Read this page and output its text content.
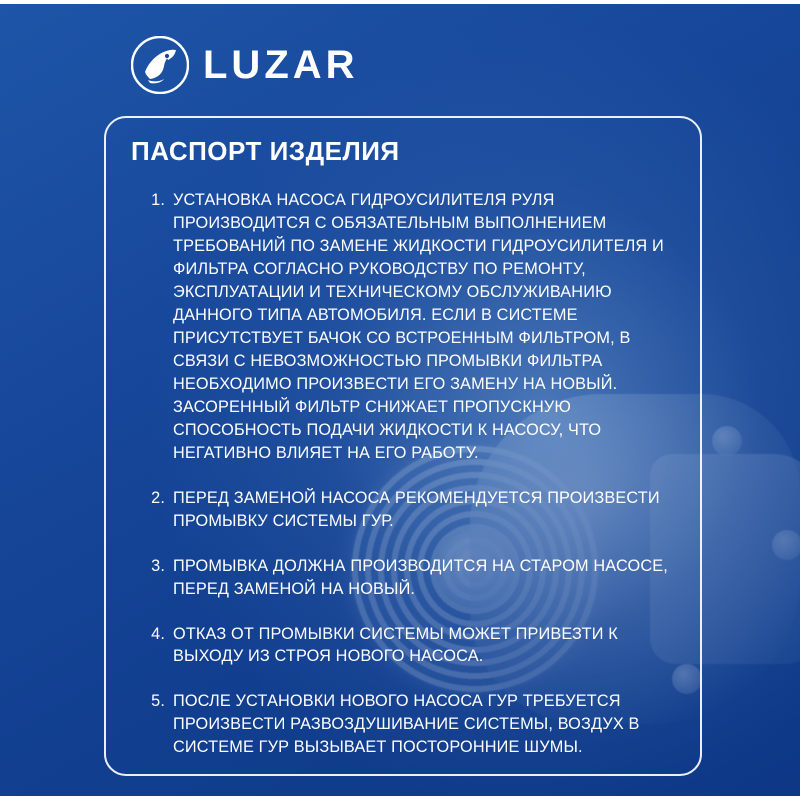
LUZAR
ПАСПОРТ ИЗДЕЛИЯ
УСТАНОВКА НАСОСА ГИДРОУСИЛИТЕЛЯ РУЛЯ ПРОИЗВОДИТСЯ С ОБЯЗАТЕЛЬНЫМ ВЫПОЛНЕНИЕМ ТРЕБОВАНИЙ ПО ЗАМЕНЕ ЖИДКОСТИ ГИДРОУСИЛИТЕЛЯ И ФИЛЬТРА СОГЛАСНО РУКОВОДСТВУ ПО РЕМОНТУ, ЭКСПЛУАТАЦИИ И ТЕХНИЧЕСКОМУ ОБСЛУЖИВАНИЮ ДАННОГО ТИПА АВТОМОБИЛЯ. ЕСЛИ В СИСТЕМЕ ПРИСУТСТВУЕТ БАЧОК СО ВСТРОЕННЫМ ФИЛЬТРОМ, В СВЯЗИ С НЕВОЗМОЖНОСТЬЮ ПРОМЫВКИ ФИЛЬТРА НЕОБХОДИМО ПРОИЗВЕСТИ ЕГО ЗАМЕНУ НА НОВЫЙ. ЗАСОРЕННЫЙ ФИЛЬТР СНИЖАЕТ ПРОПУСКНУЮ СПОСОБНОСТЬ ПОДАЧИ ЖИДКОСТИ К НАСОСУ, ЧТО НЕГАТИВНО ВЛИЯЕТ НА ЕГО РАБОТУ.
ПЕРЕД ЗАМЕНОЙ НАСОСА РЕКОМЕНДУЕТСЯ ПРОИЗВЕСТИ ПРОМЫВКУ СИСТЕМЫ ГУР.
ПРОМЫВКА ДОЛЖНА ПРОИЗВОДИТСЯ НА СТАРОМ НАСОСЕ, ПЕРЕД ЗАМЕНОЙ НА НОВЫЙ.
ОТКАЗ ОТ ПРОМЫВКИ СИСТЕМЫ МОЖЕТ ПРИВЕЗТИ К ВЫХОДУ ИЗ СТРОЯ НОВОГО НАСОСА.
ПОСЛЕ УСТАНОВКИ НОВОГО НАСОСА ГУР ТРЕБУЕТСЯ ПРОИЗВЕСТИ РАЗВОЗДУШИВАНИЕ СИСТЕМЫ, ВОЗДУХ В СИСТЕМЕ ГУР ВЫЗЫВАЕТ ПОСТОРОННИЕ ШУМЫ.
